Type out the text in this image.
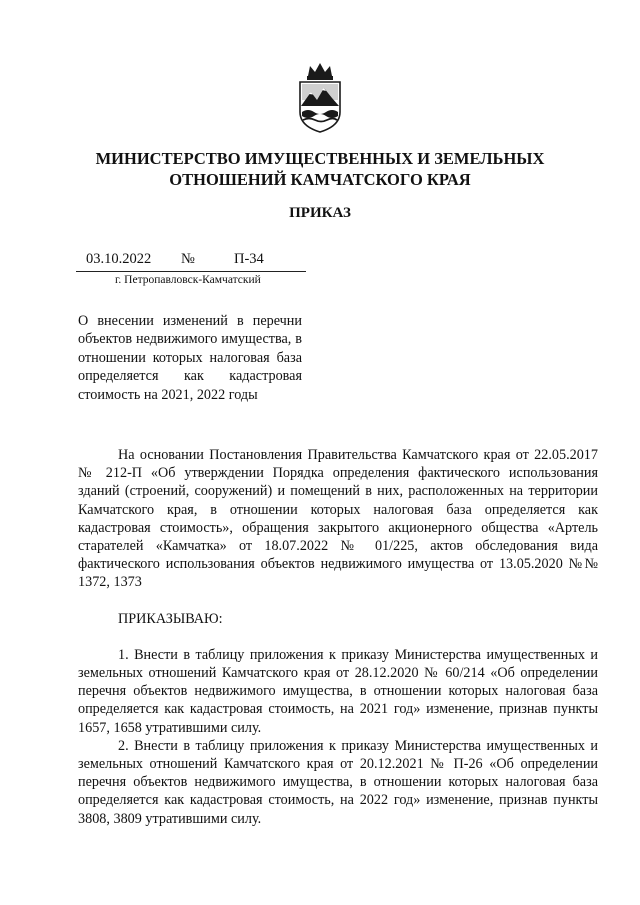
МИНИСТЕРСТВО ИМУЩЕСТВЕННЫХ И ЗЕМЕЛЬНЫХ
ОТНОШЕНИЙ КАМЧАТСКОГО КРАЯ
ПРИКАЗ
03.10.2022 №	П-34
г. Петропавловск-Камчатский

О внесении изменений в перечни объектов недвижимого имущества, в отношении которых налоговая база определяется как кадастровая стоимость на 2021, 2022 годы

На основании Постановления Правительства Камчатского края от 22.05.2017 № 212-П «Об утверждении Порядка определения фактического использования зданий (строений, сооружений) и помещений в них, расположенных на территории Камчатского края, в отношении которых налоговая база определяется как кадастровая стоимость», обращения закрытого акционерного общества «Артель старателей «Камчатка» от 18.07.2022 № 01/225, актов обследования вида фактического использования объектов недвижимого имущества от 13.05.2020 №№ 1372, 1373

ПРИКАЗЫВАЮ:

1. Внести в таблицу приложения к приказу Министерства имущественных и земельных отношений Камчатского края от 28.12.2020 № 60/214 «Об определении перечня объектов недвижимого имущества, в отношении которых налоговая база определяется как кадастровая стоимость, на 2021 год» изменение, признав пункты 1657, 1658 утратившими силу.

2. Внести в таблицу приложения к приказу Министерства имущественных и земельных отношений Камчатского края от 20.12.2021 № П-26 «Об определении перечня объектов недвижимого имущества, в отношении которых налоговая база определяется как кадастровая стоимость, на 2022 год» изменение, признав пункты 3808, 3809 утратившими силу.
